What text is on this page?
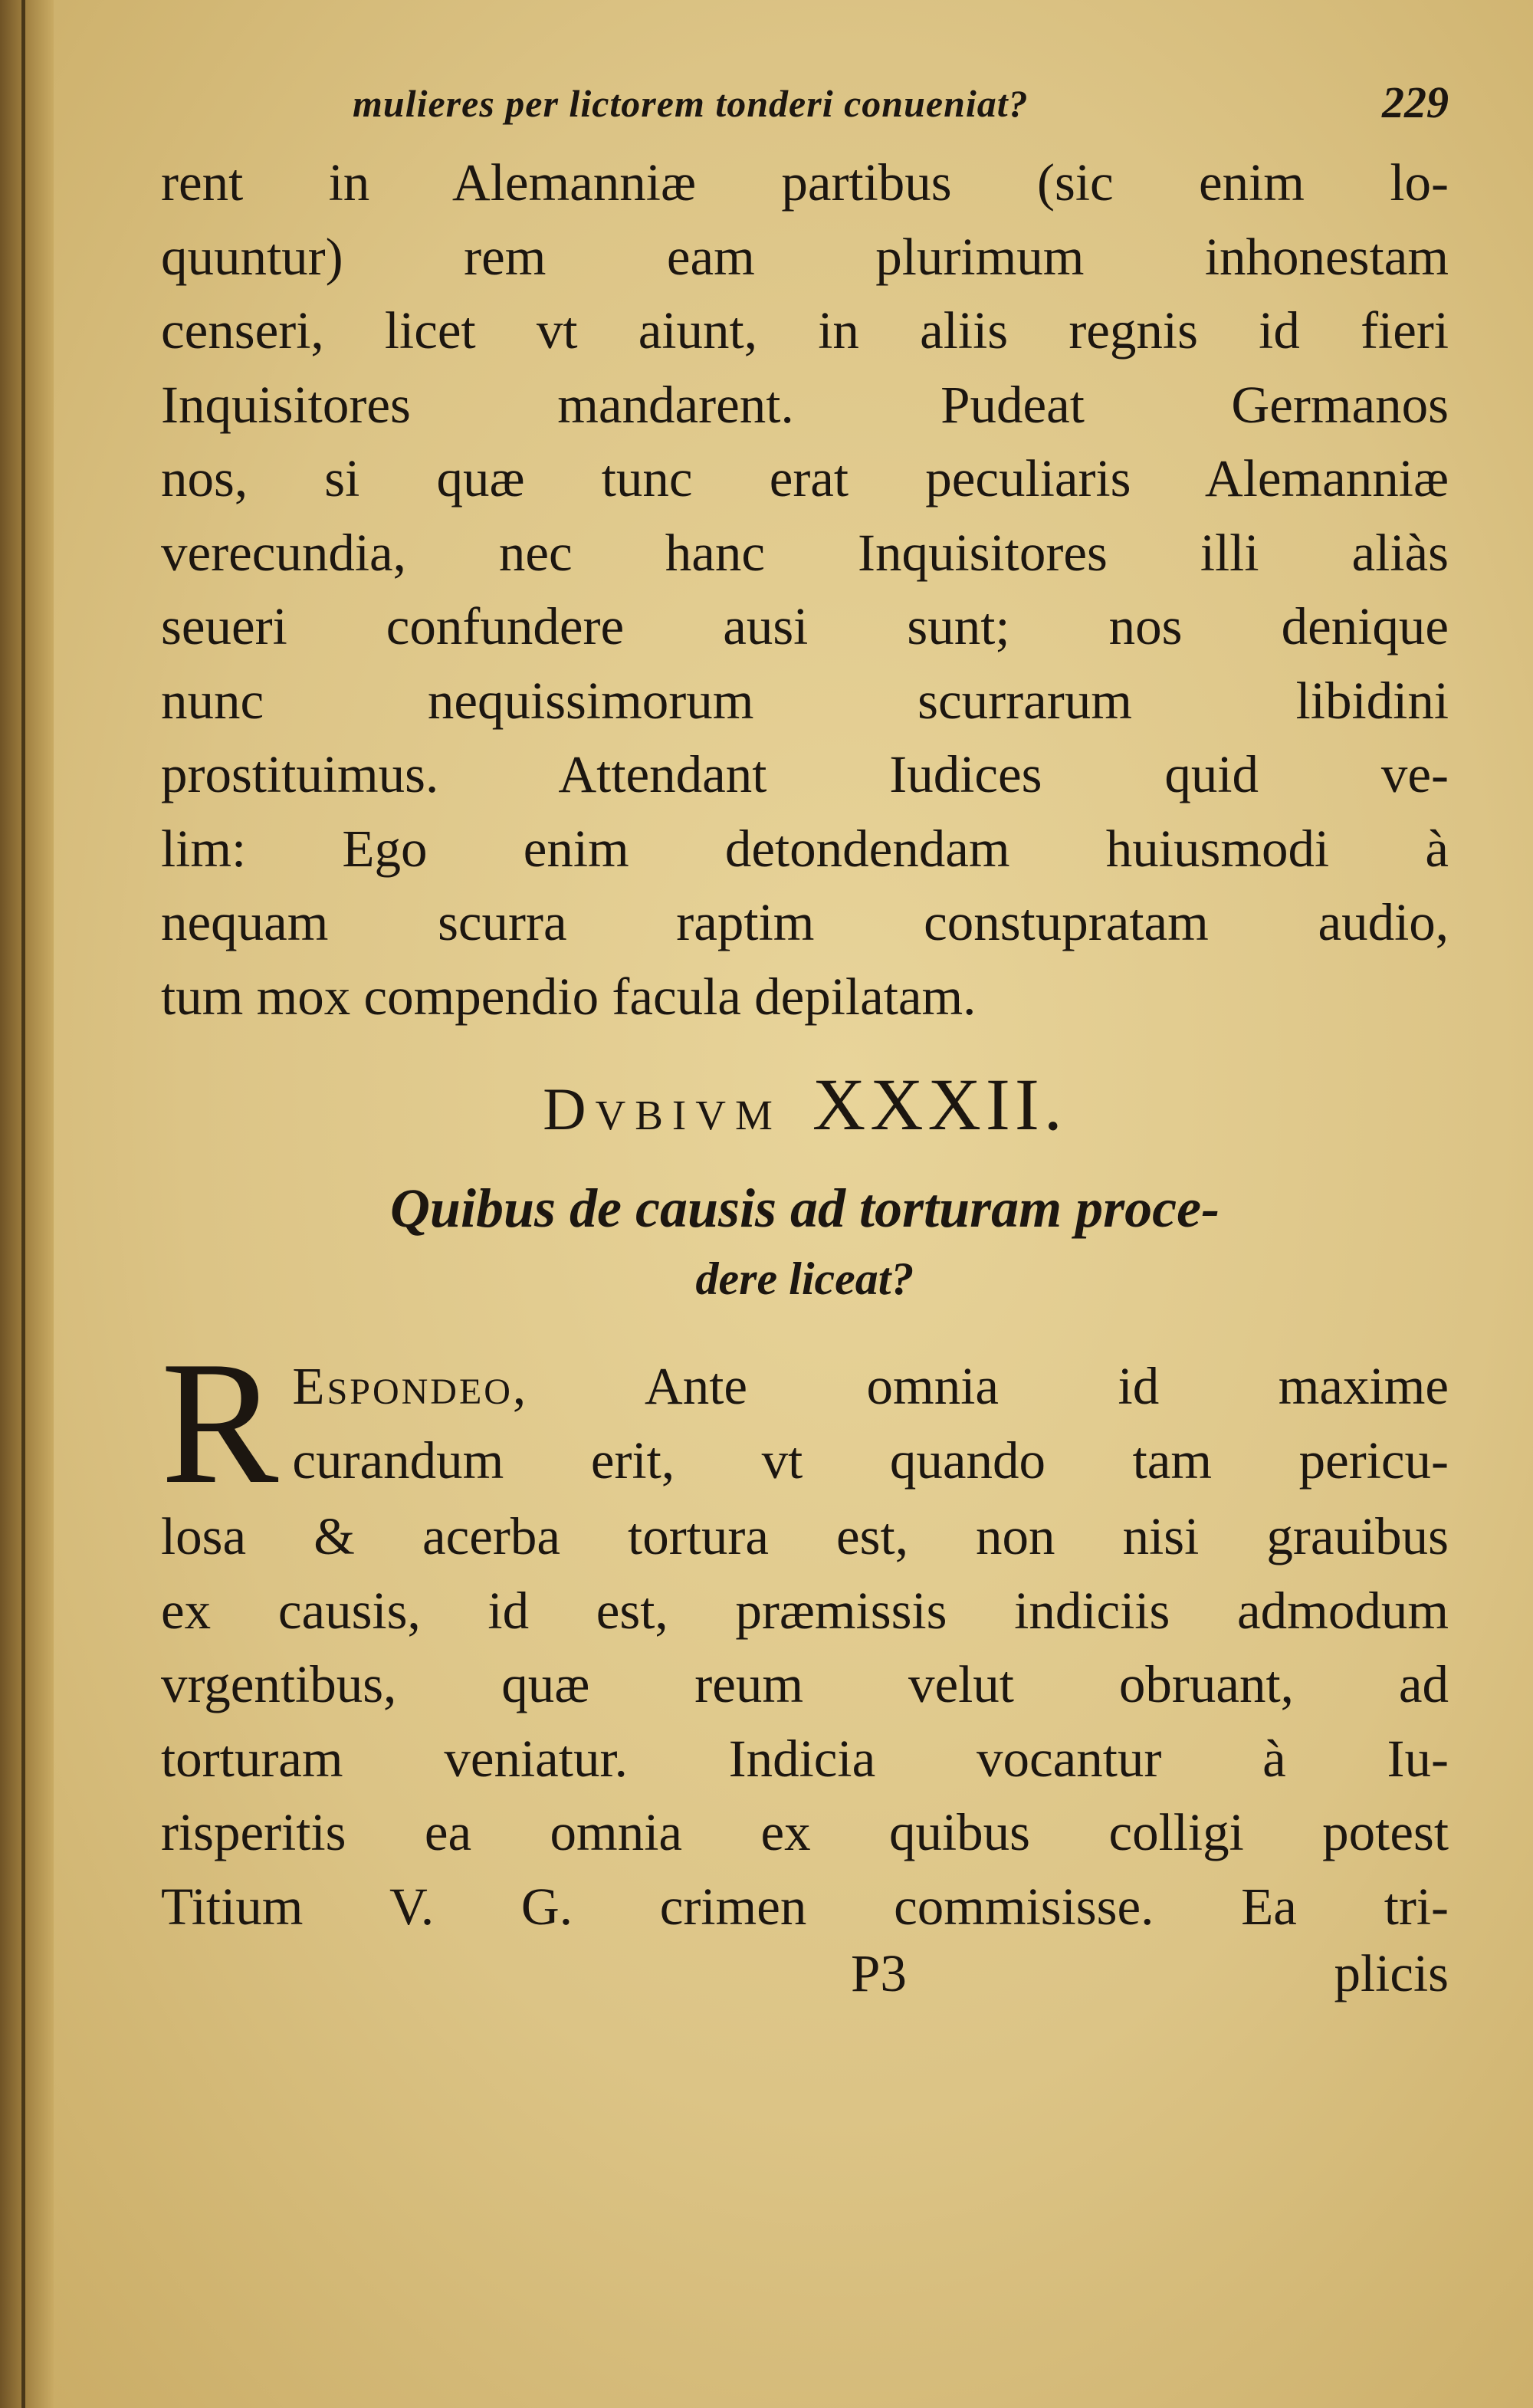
mulieres per lictorem tonderi conueniat?	229
rent in Alemanniæ partibus (sic enim lo-
quuntur) rem eam plurimum inhonestam
censeri, licet vt aiunt, in aliis regnis id fieri
Inquisitores mandarent. Pudeat Germanos
nos, si quæ tunc erat peculiaris Alemanniæ
verecundia, nec hanc Inquisitores illi aliàs
seueri confundere ausi sunt; nos denique
nunc nequissimorum scurrarum libidini
prostituimus. Attendant Iudices quid ve-
lim: Ego enim detondendam huiusmodi à
nequam scurra raptim constupratam audio,
tum mox compendio facula depilatam.
Dvbivm XXXII.
Quibus de causis ad torturam proce-
dere liceat?
R Espondeo, Ante omnia id maxime
curandum erit, vt quando tam pericu-
losa & acerba tortura est, non nisi grauibus
ex causis, id est, præmissis indiciis admodum
vrgentibus, quæ reum velut obruant, ad
torturam veniatur. Indicia vocantur à Iu-
risperitis ea omnia ex quibus colligi potest
Titium V. G. crimen commisisse. Ea tri-
P3	plicis
